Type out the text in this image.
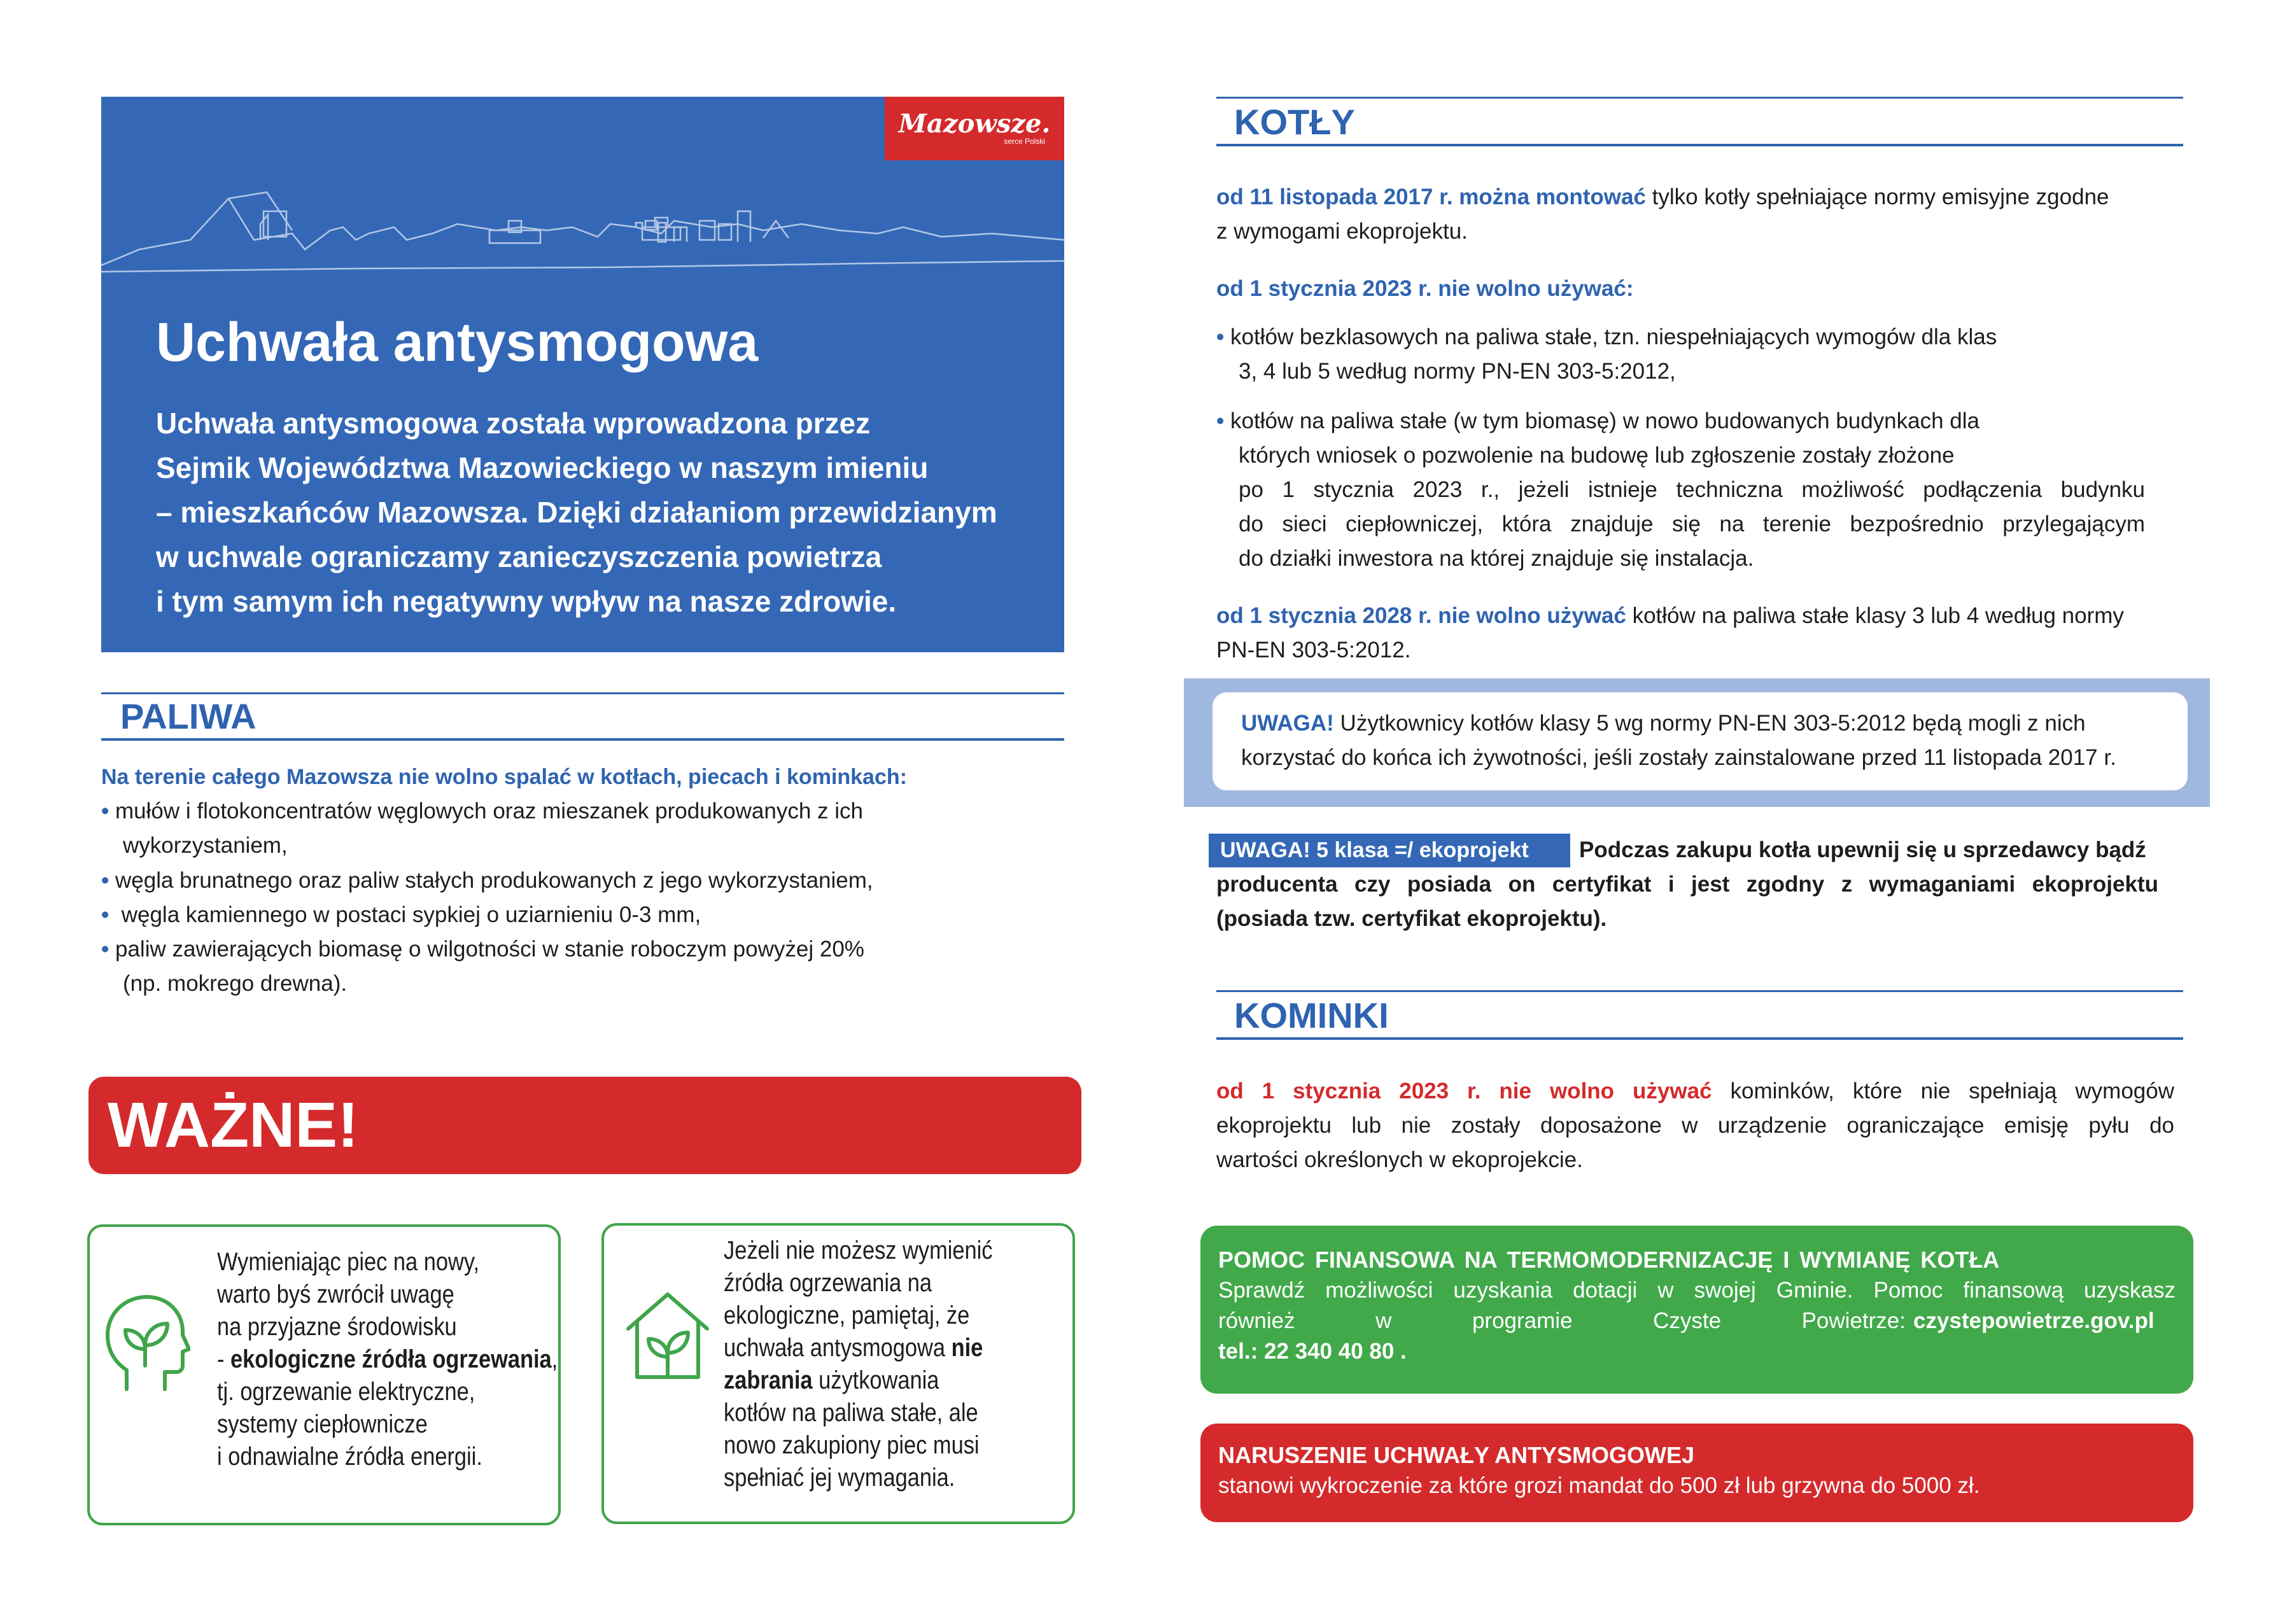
Mazowsze.
serce Polski
Uchwała antysmogowa
Uchwała antysmogowa została wprowadzona przez
Sejmik Województwa Mazowieckiego w naszym imieniu
– mieszkańców Mazowsza. Dzięki działaniom przewidzianym
w uchwale ograniczamy zanieczyszczenia powietrza
i tym samym ich negatywny wpływ na nasze zdrowie.
PALIWA
Na terenie całego Mazowsza nie wolno spalać w kotłach, piecach i kominkach:
• mułów i flotokoncentratów węglowych oraz mieszanek produkowanych z ich
wykorzystaniem,
• węgla brunatnego oraz paliw stałych produkowanych z jego wykorzystaniem,
• węgla kamiennego w postaci sypkiej o uziarnieniu 0-3 mm,
• paliw zawierających biomasę o wilgotności w stanie roboczym powyżej 20%
(np. mokrego drewna).
WAŻNE!
Wymieniając piec na nowy,
warto byś zwrócił uwagę
na przyjazne środowisku
- ekologiczne źródła ogrzewania,
tj. ogrzewanie elektryczne,
systemy ciepłownicze
i odnawialne źródła energii.
Jeżeli nie możesz wymienić
źródła ogrzewania na
ekologiczne, pamiętaj, że
uchwała antysmogowa nie
zabrania użytkowania
kotłów na paliwa stałe, ale
nowo zakupiony piec musi
spełniać jej wymagania.
KOTŁY
od 11 listopada 2017 r. można montować tylko kotły spełniające normy emisyjne zgodne
z wymogami ekoprojektu.
od 1 stycznia 2023 r. nie wolno używać:
• kotłów bezklasowych na paliwa stałe, tzn. niespełniających wymogów dla klas
3, 4 lub 5 według normy PN-EN 303-5:2012,
• kotłów na paliwa stałe (w tym biomasę) w nowo budowanych budynkach dla
których wniosek o pozwolenie na budowę lub zgłoszenie zostały złożone
po 1 stycznia 2023 r., jeżeli istnieje techniczna możliwość podłączenia budynku
do sieci ciepłowniczej, która znajduje się na terenie bezpośrednio przylegającym
do działki inwestora na której znajduje się instalacja.
od 1 stycznia 2028 r. nie wolno używać kotłów na paliwa stałe klasy 3 lub 4 według normy
PN-EN 303-5:2012.
UWAGA! Użytkownicy kotłów klasy 5 wg normy PN-EN 303-5:2012 będą mogli z nich
korzystać do końca ich żywotności, jeśli zostały zainstalowane przed 11 listopada 2017 r.
UWAGA! 5 klasa =/ ekoprojekt	Podczas zakupu kotła upewnij się u sprzedawcy bądź
producenta czy posiada on certyfikat i jest zgodny z wymaganiami ekoprojektu
(posiada tzw. certyfikat ekoprojektu).
KOMINKI
od 1 stycznia 2023 r. nie wolno używać kominków, które nie spełniają wymogów
ekoprojektu lub nie zostały doposażone w urządzenie ograniczające emisję pyłu do
wartości określonych w ekoprojekcie.
POMOC FINANSOWA NA TERMOMODERNIZACJĘ I WYMIANĘ KOTŁA
Sprawdź możliwości uzyskania dotacji w swojej Gminie. Pomoc finansową uzyskasz
również w programie Czyste Powietrze: czystepowietrze.gov.pl
tel.: 22 340 40 80 .
NARUSZENIE UCHWAŁY ANTYSMOGOWEJ
stanowi wykroczenie za które grozi mandat do 500 zł lub grzywna do 5000 zł.
